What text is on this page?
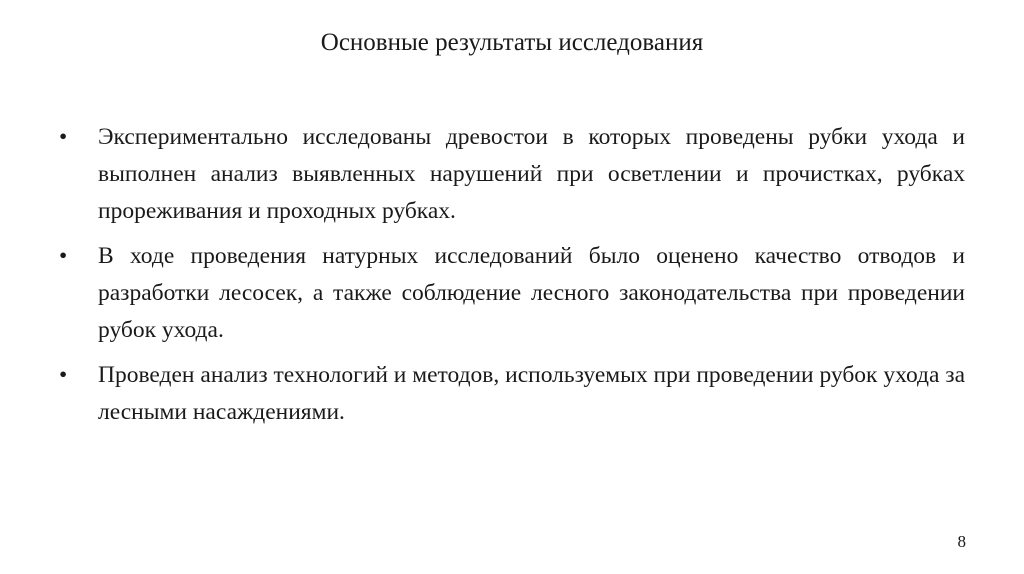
Основные результаты исследования
•	Экспериментально исследованы древостои в которых проведены рубки ухода и выполнен анализ выявленных нарушений при осветлении и прочистках, рубках прореживания и проходных рубках.
•	В ходе проведения натурных исследований было оценено качество отводов и разработки лесосек, а также соблюдение лесного законодательства при проведении рубок ухода.
•	Проведен анализ технологий и методов, используемых при проведении рубок ухода за лесными насаждениями.
8
